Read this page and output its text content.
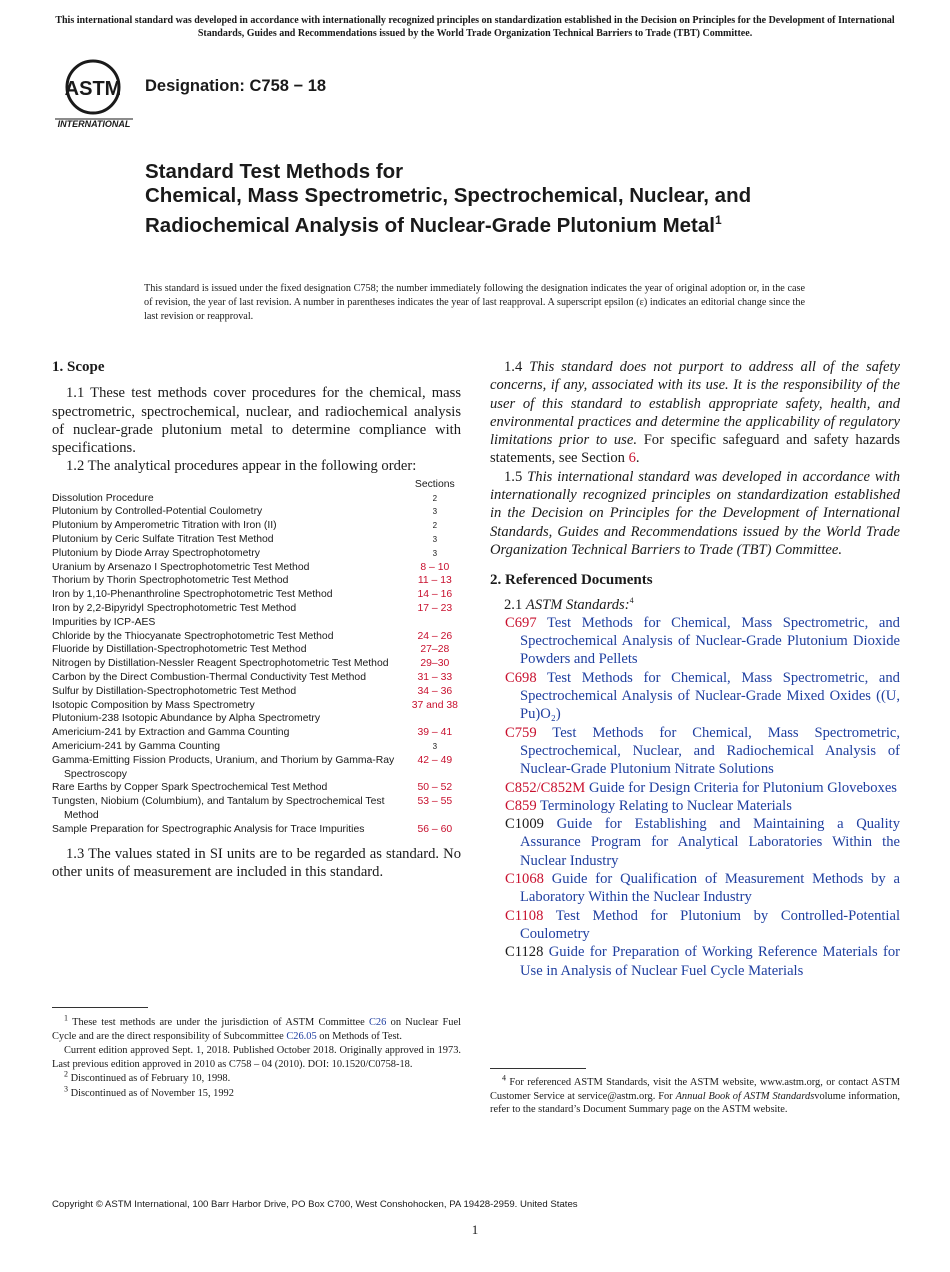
This international standard was developed in accordance with internationally recognized principles on standardization established in the Decision on Principles for the Development of International Standards, Guides and Recommendations issued by the World Trade Organization Technical Barriers to Trade (TBT) Committee.
ASTM
INTERNATIONAL
Designation: C758 − 18
Standard Test Methods for
Chemical, Mass Spectrometric, Spectrochemical, Nuclear, and Radiochemical Analysis of Nuclear-Grade Plutonium Metal$^1$

This standard is issued under the fixed designation C758; the number immediately following the designation indicates the year of original adoption or, in the case of revision, the year of last revision. A number in parentheses indicates the year of last reapproval. A superscript epsilon (ε) indicates an editorial change since the last revision or reapproval.

1. Scope

1.1 These test methods cover procedures for the chemical, mass spectrometric, spectrochemical, nuclear, and radiochemical analysis of nuclear-grade plutonium metal to determine compliance with specifications.

1.2 The analytical procedures appear in the following order:

	Sections
Dissolution Procedure	2
Plutonium by Controlled-Potential Coulometry	3
Plutonium by Amperometric Titration with Iron (II)	2
Plutonium by Ceric Sulfate Titration Test Method	3
Plutonium by Diode Array Spectrophotometry	3
Uranium by Arsenazo I Spectrophotometric Test Method	8 – 10
Thorium by Thorin Spectrophotometric Test Method	11 – 13
Iron by 1,10-Phenanthroline Spectrophotometric Test Method	14 – 16
Iron by 2,2-Bipyridyl Spectrophotometric Test Method	17 – 23
Impurities by ICP-AES	
Chloride by the Thiocyanate Spectrophotometric Test Method	24 – 26
Fluoride by Distillation-Spectrophotometric Test Method	27–28
Nitrogen by Distillation-Nessler Reagent Spectrophotometric Test Method	29–30
Carbon by the Direct Combustion-Thermal Conductivity Test Method	31 – 33
Sulfur by Distillation-Spectrophotometric Test Method	34 – 36
Isotopic Composition by Mass Spectrometry	37 and 38
Plutonium-238 Isotopic Abundance by Alpha Spectrometry	
Americium-241 by Extraction and Gamma Counting	39 – 41
Americium-241 by Gamma Counting	3
Gamma-Emitting Fission Products, Uranium, and Thorium by Gamma-Ray Spectroscopy	42 – 49
Rare Earths by Copper Spark Spectrochemical Test Method	50 – 52
Tungsten, Niobium (Columbium), and Tantalum by Spectrochemical Test Method	53 – 55
Sample Preparation for Spectrographic Analysis for Trace Impurities	56 – 60

1.3 The values stated in SI units are to be regarded as standard. No other units of measurement are included in this standard.

1.4 This standard does not purport to address all of the safety concerns, if any, associated with its use. It is the responsibility of the user of this standard to establish appropriate safety, health, and environmental practices and determine the applicability of regulatory limitations prior to use. For specific safeguard and safety hazards statements, see Section 6.

1.5 This international standard was developed in accordance with internationally recognized principles on standardization established in the Decision on Principles for the Development of International Standards, Guides and Recommendations issued by the World Trade Organization Technical Barriers to Trade (TBT) Committee.

2. Referenced Documents

2.1 ASTM Standards:$^4$

C697 Test Methods for Chemical, Mass Spectrometric, and Spectrochemical Analysis of Nuclear-Grade Plutonium Dioxide Powders and Pellets

C698 Test Methods for Chemical, Mass Spectrometric, and Spectrochemical Analysis of Nuclear-Grade Mixed Oxides ((U, Pu)O₂)

C759 Test Methods for Chemical, Mass Spectrometric, Spectrochemical, Nuclear, and Radiochemical Analysis of Nuclear-Grade Plutonium Nitrate Solutions

C852/C852M Guide for Design Criteria for Plutonium Gloveboxes

C859 Terminology Relating to Nuclear Materials

C1009 Guide for Establishing and Maintaining a Quality Assurance Program for Analytical Laboratories Within the Nuclear Industry

C1068 Guide for Qualification of Measurement Methods by a Laboratory Within the Nuclear Industry

C1108 Test Method for Plutonium by Controlled-Potential Coulometry

C1128 Guide for Preparation of Working Reference Materials for Use in Analysis of Nuclear Fuel Cycle Materials

$^1$ These test methods are under the jurisdiction of ASTM Committee C26 on Nuclear Fuel Cycle and are the direct responsibility of Subcommittee C26.05 on Methods of Test.

Current edition approved Sept. 1, 2018. Published October 2018. Originally approved in 1973. Last previous edition approved in 2010 as C758 – 04 (2010). DOI: 10.1520/C0758-18.

$^2$ Discontinued as of February 10, 1998.

$^3$ Discontinued as of November 15, 1992

$^4$ For referenced ASTM Standards, visit the ASTM website, www.astm.org, or contact ASTM Customer Service at service@astm.org. For Annual Book of ASTM Standardsvolume information, refer to the standard’s Document Summary page on the ASTM website.

Copyright © ASTM International, 100 Barr Harbor Drive, PO Box C700, West Conshohocken, PA 19428-2959. United States
1
